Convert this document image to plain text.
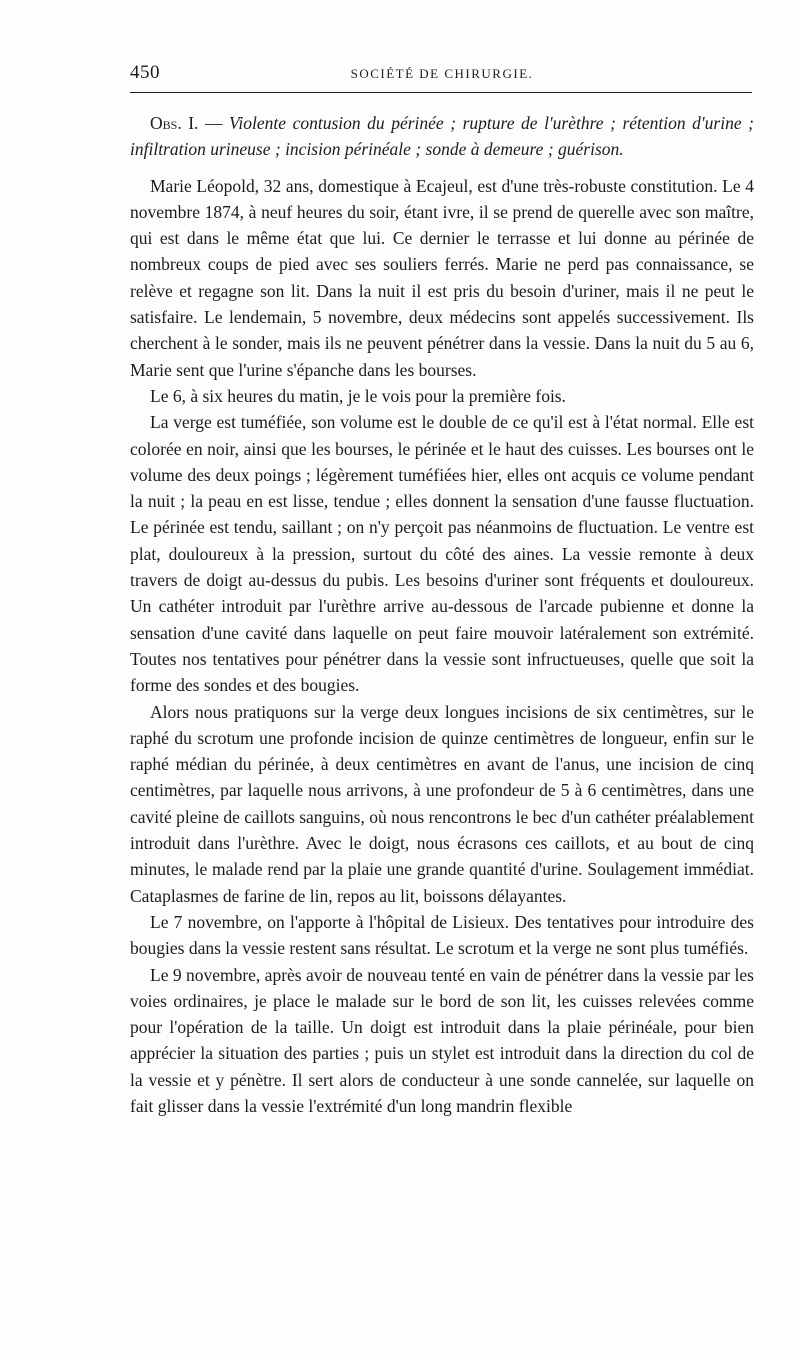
450	SOCIÉTÉ DE CHIRURGIE.

Obs. I. — Violente contusion du périnée ; rupture de l'urèthre ; rétention d'urine ; infiltration urineuse ; incision périnéale ; sonde à demeure ; guérison.

Marie Léopold, 32 ans, domestique à Ecajeul, est d'une très-robuste constitution. Le 4 novembre 1874, à neuf heures du soir, étant ivre, il se prend de querelle avec son maître, qui est dans le même état que lui. Ce dernier le terrasse et lui donne au périnée de nombreux coups de pied avec ses souliers ferrés. Marie ne perd pas connaissance, se relève et regagne son lit. Dans la nuit il est pris du besoin d'uriner, mais il ne peut le satisfaire. Le lendemain, 5 novembre, deux médecins sont appelés successivement. Ils cherchent à le sonder, mais ils ne peuvent pénétrer dans la vessie. Dans la nuit du 5 au 6, Marie sent que l'urine s'épanche dans les bourses.

Le 6, à six heures du matin, je le vois pour la première fois.

La verge est tuméfiée, son volume est le double de ce qu'il est à l'état normal. Elle est colorée en noir, ainsi que les bourses, le périnée et le haut des cuisses. Les bourses ont le volume des deux poings ; légèrement tuméfiées hier, elles ont acquis ce volume pendant la nuit ; la peau en est lisse, tendue ; elles donnent la sensation d'une fausse fluctuation. Le périnée est tendu, saillant ; on n'y perçoit pas néanmoins de fluctuation. Le ventre est plat, douloureux à la pression, surtout du côté des aines. La vessie remonte à deux travers de doigt au-dessus du pubis. Les besoins d'uriner sont fréquents et douloureux. Un cathéter introduit par l'urèthre arrive au-dessous de l'arcade pubienne et donne la sensation d'une cavité dans laquelle on peut faire mouvoir latéralement son extrémité. Toutes nos tentatives pour pénétrer dans la vessie sont infructueuses, quelle que soit la forme des sondes et des bougies.

Alors nous pratiquons sur la verge deux longues incisions de six centimètres, sur le raphé du scrotum une profonde incision de quinze centimètres de longueur, enfin sur le raphé médian du périnée, à deux centimètres en avant de l'anus, une incision de cinq centimètres, par laquelle nous arrivons, à une profondeur de 5 à 6 centimètres, dans une cavité pleine de caillots sanguins, où nous rencontrons le bec d'un cathéter préalablement introduit dans l'urèthre. Avec le doigt, nous écrasons ces caillots, et au bout de cinq minutes, le malade rend par la plaie une grande quantité d'urine. Soulagement immédiat. Cataplasmes de farine de lin, repos au lit, boissons délayantes.

Le 7 novembre, on l'apporte à l'hôpital de Lisieux. Des tentatives pour introduire des bougies dans la vessie restent sans résultat. Le scrotum et la verge ne sont plus tuméfiés.

Le 9 novembre, après avoir de nouveau tenté en vain de pénétrer dans la vessie par les voies ordinaires, je place le malade sur le bord de son lit, les cuisses relevées comme pour l'opération de la taille. Un doigt est introduit dans la plaie périnéale, pour bien apprécier la situation des parties ; puis un stylet est introduit dans la direction du col de la vessie et y pénètre. Il sert alors de conducteur à une sonde cannelée, sur laquelle on fait glisser dans la vessie l'extrémité d'un long mandrin flexible
